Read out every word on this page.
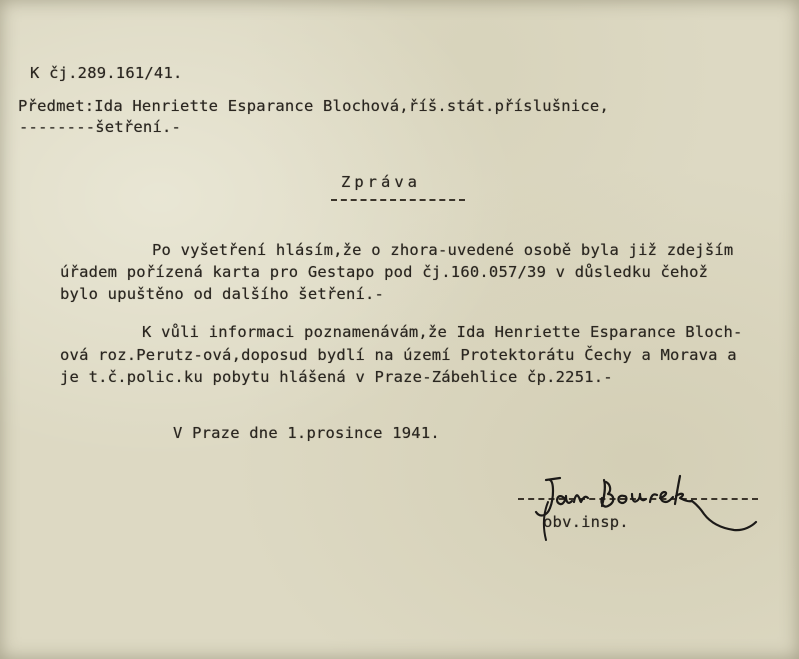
K čj.289.161/41.
Předmet:Ida Henriette Esparance Blochová,říš.stát.příslušnice,
--------šetření.-
Zpráva
Po vyšetření hlásím,že o zhora-uvedené osobě byla již zdejším
úřadem pořízená karta pro Gestapo pod čj.160.057/39 v důsledku čehož
bylo upuštěno od dalšího šetření.-
K vůli informaci poznamenávám,že Ida Henriette Esparance Bloch-
ová roz.Perutz-ová,doposud bydlí na území Protektorátu Čechy a Morava a
je t.č.polic.ku pobytu hlášená v Praze-Zábehlice čp.2251.-
V Praze dne 1.prosince 1941.
obv.insp.
